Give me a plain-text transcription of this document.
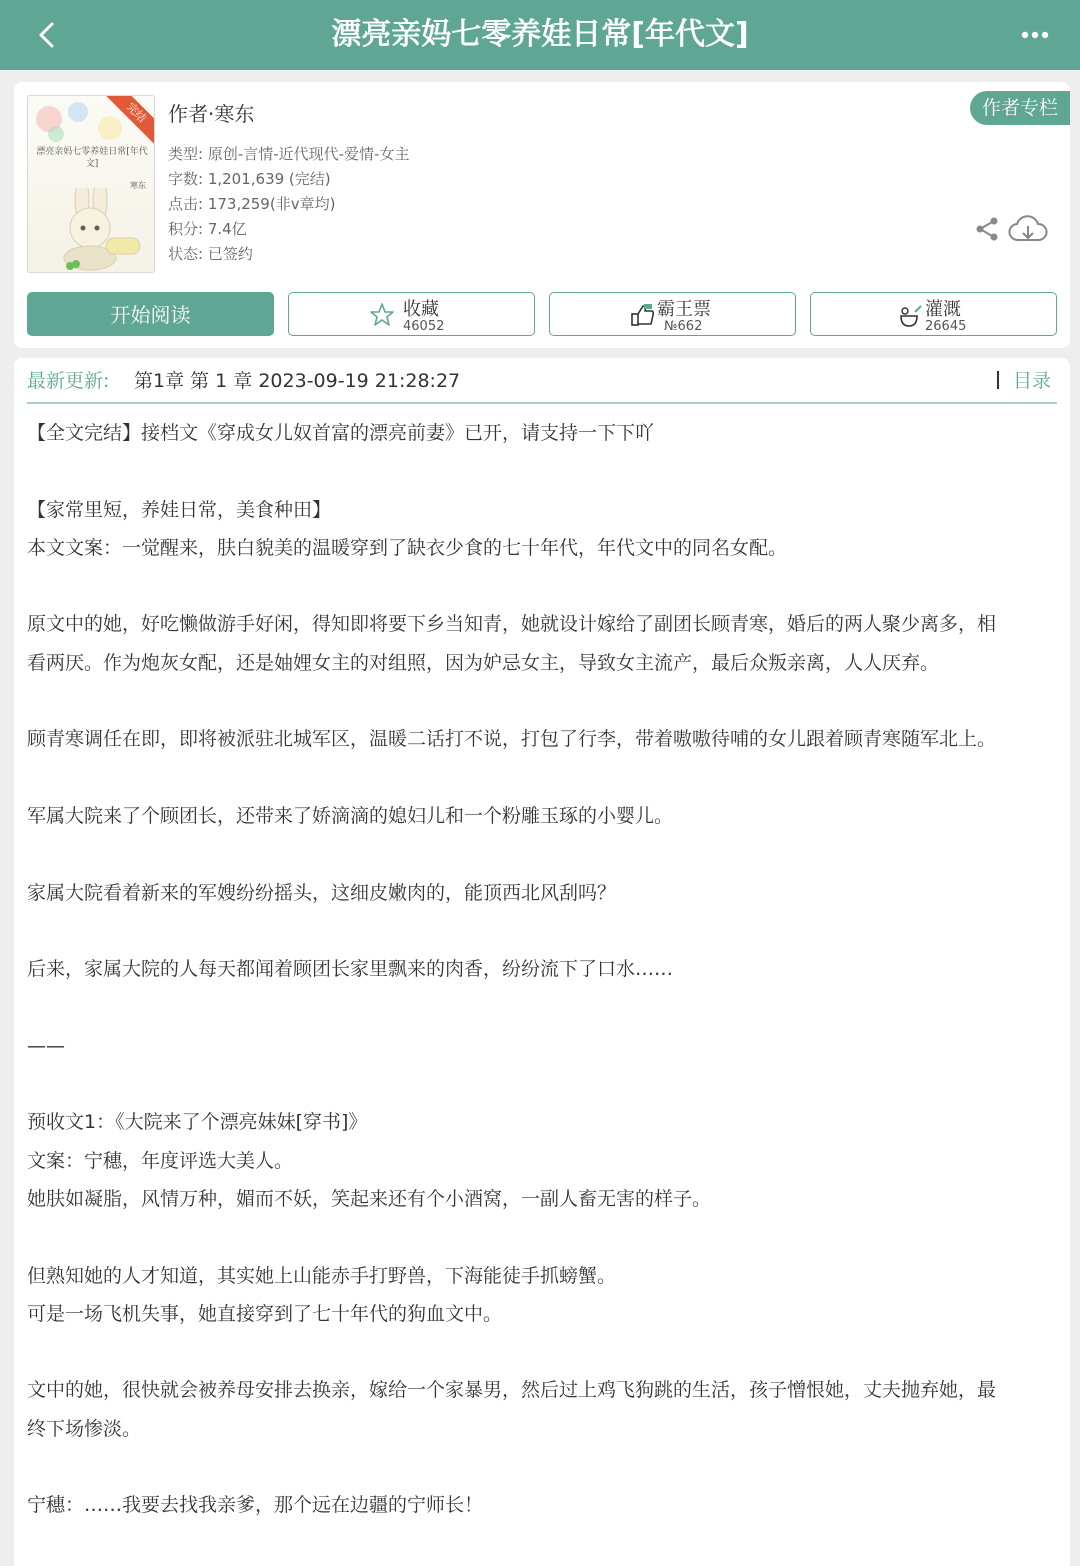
漂亮亲妈七零养娃日常[年代文]
漂亮亲妈七零养娃日常[年代文]
寒东
完结 作者·寒东	作者专栏
类型: 原创-言情-近代现代-爱情-女主
字数: 1,201,639 (完结)
点击: 173,259(非v章均)
积分: 7.4亿
状态: 已签约
开始阅读	收藏
46052
霸王票
№662
灌溉
26645
最新更新: 第1章 第 1 章 2023-09-19 21:28:27	目录

【全文完结】接档文《穿成女儿奴首富的漂亮前妻》已开，请支持一下下吖

【家常里短，养娃日常，美食种田】

本文文案：一觉醒来，肤白貌美的温暖穿到了缺衣少食的七十年代，年代文中的同名女配。

原文中的她，好吃懒做游手好闲，得知即将要下乡当知青，她就设计嫁给了副团长顾青寒，婚后的两人聚少离多，相

看两厌。作为炮灰女配，还是妯娌女主的对组照，因为妒忌女主，导致女主流产，最后众叛亲离，人人厌弃。

顾青寒调任在即，即将被派驻北城军区，温暖二话打不说，打包了行李，带着嗷嗷待哺的女儿跟着顾青寒随军北上。

军属大院来了个顾团长，还带来了娇滴滴的媳妇儿和一个粉雕玉琢的小婴儿。

家属大院看着新来的军嫂纷纷摇头，这细皮嫩肉的，能顶西北风刮吗？

后来，家属大院的人每天都闻着顾团长家里飘来的肉香，纷纷流下了口水……

——

预收文1：《大院来了个漂亮妹妹[穿书]》

文案：宁穗，年度评选大美人。

她肤如凝脂，风情万种，媚而不妖，笑起来还有个小酒窝，一副人畜无害的样子。

但熟知她的人才知道，其实她上山能赤手打野兽，下海能徒手抓螃蟹。

可是一场飞机失事，她直接穿到了七十年代的狗血文中。

文中的她，很快就会被养母安排去换亲，嫁给一个家暴男，然后过上鸡飞狗跳的生活，孩子憎恨她，丈夫抛弃她，最

终下场惨淡。

宁穗：……我要去找我亲爹，那个远在边疆的宁师长！
